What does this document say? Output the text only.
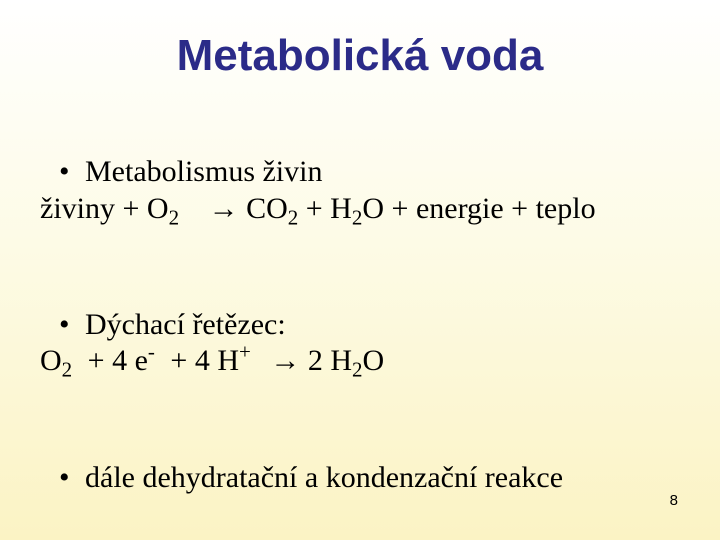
Metabolická voda

• Metabolismus živin

živiny + $O_2 \to CO_2 + H_2O$ + energie + teplo

• Dýchací řetězec:

$O_2 + 4$ e- + 4 H+ → 2 $H_2O$

• dále dehydratační a kondenzační reakce

8
